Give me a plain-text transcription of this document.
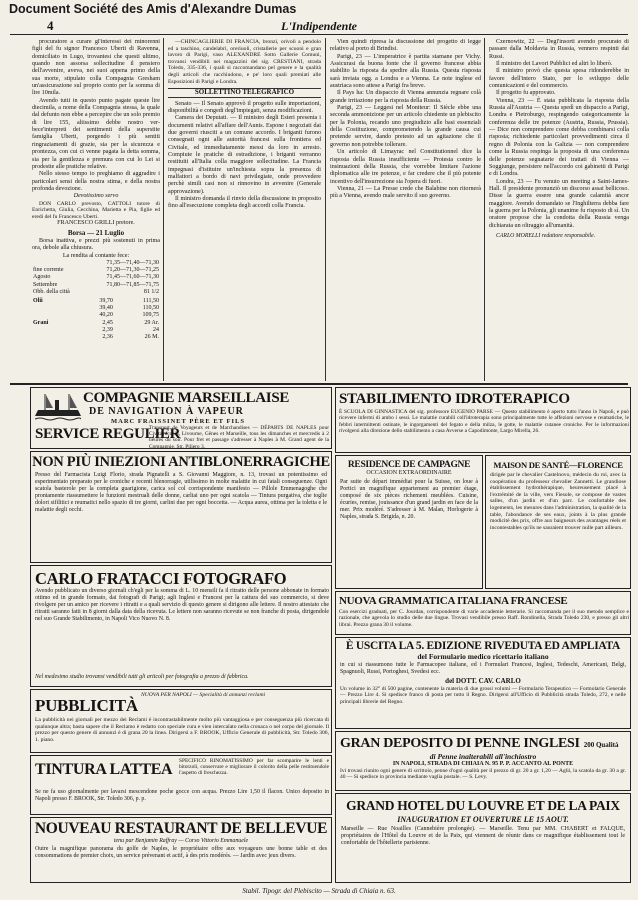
Document Société des Amis d'Alexandre Dumas
4	L'Indipendente

procuratore a curare gl'interessi dei minorenni figli del fu signor Francesco Uberti di Ravenna, domiciliato in Lugo, trovantesi che questi ultimo, quando non assorsa sollecitudine il pensiero dell'avvenire, aveva, nei suoi appena primo della sua morte, stipulato colla Compagnia Gresham un'assicurazione sul proprio conto per la somma di lire 10mila.

Avendo tutti in questo punto pagate queste lire diecimila, a nome della Compagnia stessa, la quale dal defunto non ebbe a percepire che un solo premio di lire 155, altissimo debbe nostro ver-bece'interpreti dei sentimenti della superstite famiglia Uberti, porgendo i più sentiti ringraziamenti di grazie, sia per la sicurezza e prontezza, con cui ci venne pagata la detta somma, sia per la gentilezza e premura con cui lo Lei si prodestte alle pratiche relative.

Nello stesso tempo io preghiamo di aggradire i particolari sensi della nostra stima, e della nostra profonda devozione.

Devotissimo servo

DON CARLO prevosto, CATTOLI tutore di Enrichetta, Giulia, Cecchina, Marietta e Pia, figlie ed eredi del fu Francesco Uberti.

FRANCESCO GRILLI pretore.

Borsa — 21 Luglio

Borsa inattiva, e prezzi più sostenuti in prima ora, debole alla chiusura.

La rendita al contante fece:

	71,35—71,40—71,30
fine corrente	71,20—71,30—71,25
Agosto	71,45—71,60—71,30
Settembre	71,80—71,85—71,75
Obb. della città	81 1/2
Olii	39,70	111,50
	39,40	110,50
	40,20	109,75
Grani	2,45	29 Ar.
	2,39	24
	2,36	26 M.

—CHINCAGLIERIE DI FRANCIA, bronzi, orivoli a pendolo ed a taschino, candelabri, oreriuoli, cristallerie per scuoni e gran lavoro di Parigi, vaso ALEXANDRE Sotto Gallerie Comuni, trovansi vendibili nei magazzini del sig. CRESTIANI, strada Toledo, 335-336, i quali si raccomandano pel genere e la qualità degli articoli che racchiudono, e pe' loro quali premiati alle Esposizioni di Parigi e Londra.

SOLLETTINO TELEGRAFICO

Senato — Il Senato approvò il progetto sulle importazioni, disponibilità e congedi degl'impiegati, senza modificazioni.

Camera dei Deputati. — Il ministro degli Esteri presenta i documenti relativi all'affare dell'Aunis. Espone i negoziati dai due governi riusciti a un comune accordo. I briganti furono consegnati ogni alle autorità francesi sulla frontiera ed Civitale, ed immediatamente messi da loro in arresto. Compiute le pratiche di estradizione, i briganti verranno restituiti all'Italia colla maggiore sollecitudine. La Francia impegnasi d'istituire un'inchiesta sopra la presenza di malfattori a bordo di navi privilegiate, onde provvedere perchè simili casi non si rinnovino in avvenire (Generale approvazione).

Il ministro domanda il rinvio della discussione in proposito fino all'esecuzione completa degli accordi colla Francia.

Vien quindi ripresa la discussione del progetto di legge relativo al porto di Brindisi.

Parigi, 23 — L'imperatrice è partita stamane per Vichy. Assicurasi da buona fonte che il governo francese abbia stabilito la risposta da spedire alla Russia. Questa risposta sarà inviata ogg. a Londra e a Vienna. Le note inglese ed austriaca sono attese a Parigi fra breve.

Il Pays ha: Un dispaccio di Vienna annunzia regnare colà grande irritazione per la risposta della Russia.

Parigi, 23 — Leggesi nel Moniteur: Il Siècle ebbe una seconda ammonizione per un articolo chiedente un plebiscito per la Polonia, recando uno pregiudizio alle basi essenziali della Costituzione, comprometendo la grande causa cui pretende servire, dando pretesto ad un agitazione che il governo non potrebbe tollerare.

Un articolo di Limayrac nel Constitutionnel dice la risposta della Russia insufficiente — Protesta contro le insinuazioni della Russia, che vorrebbe limitare l'azione diplomatica alle tre potenze, e far credere che il più potente incentivo dell'insurrezione sia l'opera di fuori.

Vienna, 21 — La Presse crede che Balabine non ritornerà più a Vienna, avendo male servito il suo governo.

Czernowitz, 22 — Degl'insorti avendo procurato di passare dalla Moldavia in Russia, vennero respinti dai Russi.

Il ministro dei Lavori Pubblici ed altri lo liberò.

Il ministro provò che questa spesa ridonderebbe in favore dell'intero Stato, per lo sviluppo delle comunicazioni e del commercio.

Il progetto fu approvato.

Vienna, 23 — È stata pubblicata la risposta della Russia all'Austria — Questa spedì un dispaccio a Parigi, Londra e Pietroburgo, respingendo categoricamente la conferenza delle tre potenze (Austria, Russia, Prussia). — Dice non comprendere come debba combinarsi colla risposta; richiedente particolari provvedimenti circa il regno di Polonia con la Galizia — non comprendere come la Russia respinga la proposta di una conferenza delle potenze segnatarie dei trattati di Vienna — Soggiunge, persistere nell'accordo coi gabinetti di Parigi e di Londra.

Londra, 23 — Fu venuto un meeting a Saint-James-Hall. Il presidente pronunziò un discorso assai bellicoso. Disse la guerra essere una grande calamità ancor maggiore. Avendo domandato se l'Inghilterra debba fare la guerra per la Polonia, gli unanime fu risposto di sì. Un oratore propose che la condotta della Russia venga dichiarata un oltraggio all'umanità.

CARLO MORELLI redattore responsabile.

COMPAGNIE MARSEILLAISE
DE NAVIGATION À VAPEUR
MARC FRAISSINET PÈRE ET FILS
SERVICE REGULIER
Transport de Voyageurs et de Marchandises — DÉPARTS DE NAPLES pour Civitavecchia, Livourne, Gênes et Marseille, tous les dimanches et mercredis à 2 heures du soir. Pour fret et passage s'adresser à Naples à M. Grand agent de la Compagnie, Str. Piliero 3.
NON PIÙ INIEZIONI ANTIBLONERRAGICHE
Presso del Farmacista Luigi Florio, strada Pignatelli a S. Giovanni Maggiore, n. 13, trovasi un potentissimo ed esperimentato preparato per le croniche e recenti blenorragie, utilissimo in molte malattie in cui fatali conseguenze. Ogni scatola basterole per la completa guarigione, carica sol col corrispondente manifesto — Pillole Emmenagoghe che prontamente riassumettere le funzioni mestruali delle donne, carliai uno per ogni scatola — Tintura purgativa, che toglie dolori sifilitici e reumatici nello spazio di tre giorni, carlini due per ogni boccetta. — Acqua aurea, ottima per la toletta e le malattie degli occhi.
CARLO FRATACCI FOTOGRAFO
Avendo pubblicato un diverso giornali ch'egli per la somma di L. 10 mensili fa il ritratto delle persone abbonate in formato ottimo ed in grande formato, dai fotografi di Parigi; agli Inglesi e Francesi per la cattura del suo commercio, si deve rivolgere per un amico per ricevere i ritratti e a quali servizio di questo genere si dirigono alle lettere. Il nostro attestato che ritratti saranno fatti in 8 giorni dalla data della ricevuta. Le lettere non saranno ricevute se non franche di posta, dirigendole nel suo Grande Stabilimento, in Napoli Vico Nuovo N. 8.
Nel medesimo studio trovansi vendibili tutti gli articoli per fotografia a prezzo di fabbrica.
PUBBLICITÀ
NUOVA PER NAPOLI — Specialità di annunzi reclami
La pubblicità nei giornali per mezzo dei Reclami è incontrastabilmente molto più vantaggiosa e per conseguenza più ricercata di qualunque altra; basta sapere che il Reclamo è redatto con speciale cura e vien intercalato nella cronaca o nel corpo del giornale. Il prezzo per questo genere di annunzi è di grana 20 la linea. Dirigersi a F. BROOK, Ufficio Generale di pubblicità, Str. Toledo 306, 1. piano.
TINTURA LATTEA SPECIFICO RINOMATISSIMO per far scomparire le lenti e bitorzoli, conservare e migliorare il colorito della pelle restituendole l'aspetto di freschezza.
Se ne fa uso giornalmente per lavarsi mescendone poche gocce con acqua. Prezzo Lire 1,50 il flacon. Unico deposito in Napoli presso F. BROOK, Str. Toledo 306, p. p.
NOUVEAU RESTAURANT DE BELLEVUE
tenu par Benjamin Raffray — Corso Vittorio Emmanuele
Outre la magnifique panorama du golfe de Naples, le propriétaire offre aux voyageurs une bonne table et des consommations de premier choix, un service prévenant et actif, à des prix modérés. — Jardin avec jeux divers.
STABILIMENTO IDROTERAPICO
È SCUOLA DI GINNASTICA del sig. professore EUGENIO PARSE — Questo stabilimento è aperto tutto l'anno in Napoli, e può ricevere infermi di ambo i sessi. Le malattie curabili coll'idroterapia sono principalmente tutte le affezioni nervose e reumatiche, le febbri intermittenti ostinate, le ingorgamenti del fegato e della milza, le gotte, le malattie cutanee croniche. Per le informazioni rivolgersi alla direzione dello stabilimento a casa Avverse a Capodimonte, Largo Mirella, 26.
RESIDENCE DE CAMPAGNE
OCCASION EXTRAORDINAIRE
Par suite de départ immédiat pour la Suisse, on loue à Portici un magnifique appartement au premier étage, composé de six pièces richement meublées. Cuisine, écuries, remise, jouissance d'un grand jardin en face de la mer. Prix modéré. S'adresser à M. Malan, Horlogerie à Naples, strada S. Brigida, n. 20.
MAISON DE SANTÉ—FLORENCE
dirigée par le chevalier Castelnovo, médecin du roi, avec la coopération du professeur chevalier Zannetti. Le grandiose établissement hydrothérapique, heureusement placé à l'extrémité de la ville, vers Fiesole, se compose de vastes salles, d'un jardin et d'un parc. Le confortable des logements, les mesures dans l'administration, la qualité de la table, l'abondance de ses eaux, joints à la plus grande modicité des prix, offre aux baigneurs des avantages réels et incontestables qu'ils ne sauraient trouver nulle part ailleurs.
NUOVA GRAMMATICA ITALIANA FRANCESE
Con esercizi graduati, per C. Jourdan, corrispondente di varie accademie letterarie. Si raccomanda per il suo metodo semplice e razionale, che agevola lo studio delle due lingue. Trovasi vendibile presso Raff. Rondinella, Strada Toledo 230, e presso gli altri librai. Prezzo grana 30 il volume.
È USCITA LA 5. EDIZIONE RIVEDUTA ED AMPLIATA
del Formulario medico ricettario italiano
in cui si riassumono tutte le Farmacopee italiane, ed i Formulari Francesi, Inglesi, Tedeschi, Americani, Belgi, Spagnuoli, Russi, Portoghesi, Svedesi ecc.
del DOTT. CAV. CARLO
Un volume in 32° di 500 pagine, contenente la materia di due grossi volumi — Formulario Terapeutico — Formolario Generale — Prezzo Lire 4. Si spedisce franco di posta per tutto il Regno. Dirigersi all'Ufficio di Pubblicità strada Toledo, 272, e nelle principali librerie del Regno.
GRAN DEPOSITO DI PENNE INGLESI 200 Qualità
di Penne inalterabili all'inchiostro
IN NAPOLI, STRADA DI CHIAIA N. 95 P. P. ACCANTO AL PONTE
Ivi trovasi riunito ogni genere di scrittoio, penne d'ogni qualità per il prezzo di gr. 20 a gr. 1,20 — Aglii, la scatola da gr. 30 a gr. 40 — Si spedisce in provincia mediante vaglia postale. — S. Levy.
GRAND HOTEL DU LOUVRE ET DE LA PAIX
INAUGURATION ET OUVERTURE LE 15 AOUT.
Marseille — Rue Noailles (Cannebière prolongée). — Marseille. Tenu par MM. CHABERT et FALQUE, propriétaires de l'Hôtel du Louvre et de la Paix, qui viennent de réunir dans ce magnifique établissement tout le confortable de l'hôtellerie parisienne.
Stabil. Tipogr. del Plebiscito — Strada di Chiaia n. 63.
